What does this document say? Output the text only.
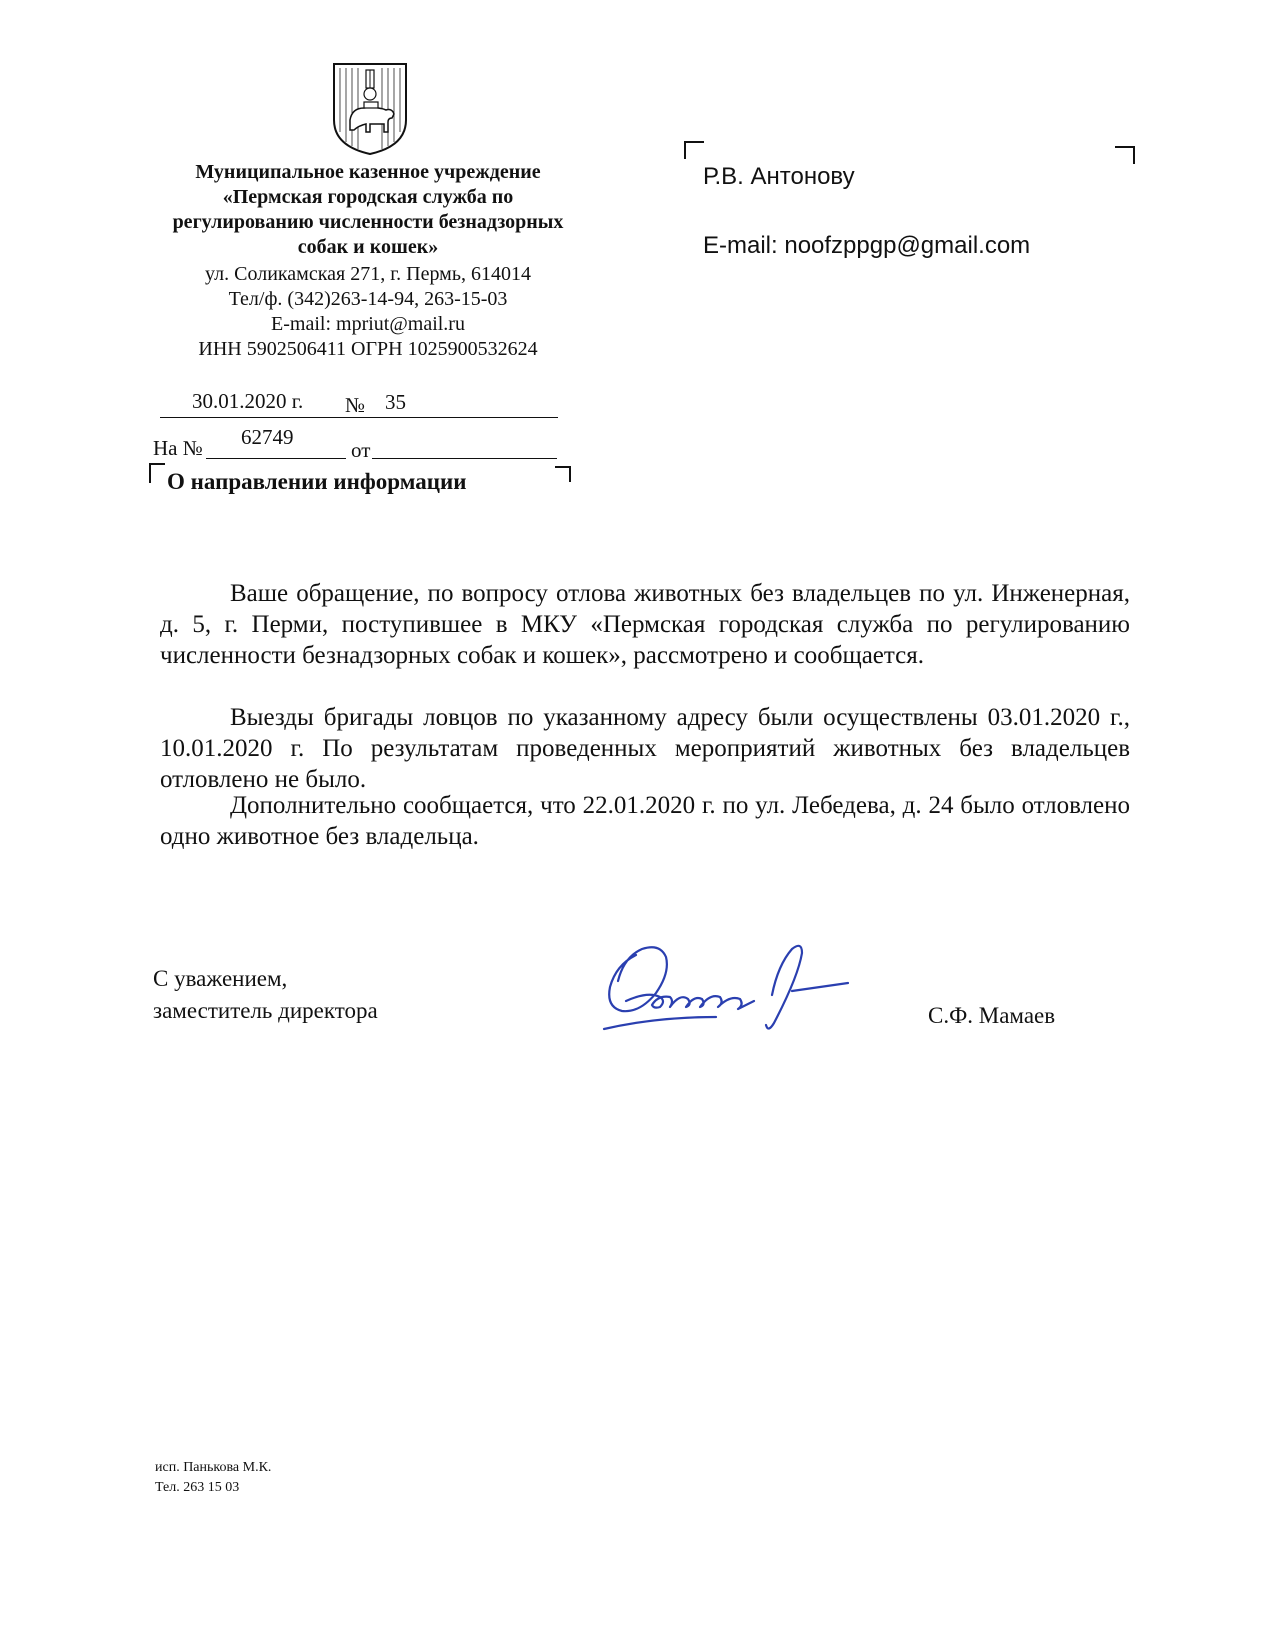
Муниципальное казенное учреждение
«Пермская городская служба по
регулированию численности безнадзорных
собак и кошек»
ул. Соликамская 271, г. Пермь, 614014
Тел/ф. (342)263-14-94, 263-15-03
E-mail: mpriut@mail.ru
ИНН 5902506411 ОГРН 1025900532624
Р.В. Антонову
E-mail: noofzppgp@gmail.com
30.01.2020 г. № 35
На № 62749
от
О направлении информации

Ваше обращение, по вопросу отлова животных без владельцев по ул. Инженерная, д. 5, г. Перми, поступившее в МКУ «Пермская городская служба по регулированию численности безнадзорных собак и кошек», рассмотрено и сообщается.

Выезды бригады ловцов по указанному адресу были осуществлены 03.01.2020 г., 10.01.2020 г. По результатам проведенных мероприятий животных без владельцев отловлено не было.

Дополнительно сообщается, что 22.01.2020 г. по ул. Лебедева, д. 24 было отловлено одно животное без владельца.

С уважением,
заместитель директора	С.Ф. Мамаев
исп. Панькова М.К.
Тел. 263 15 03
